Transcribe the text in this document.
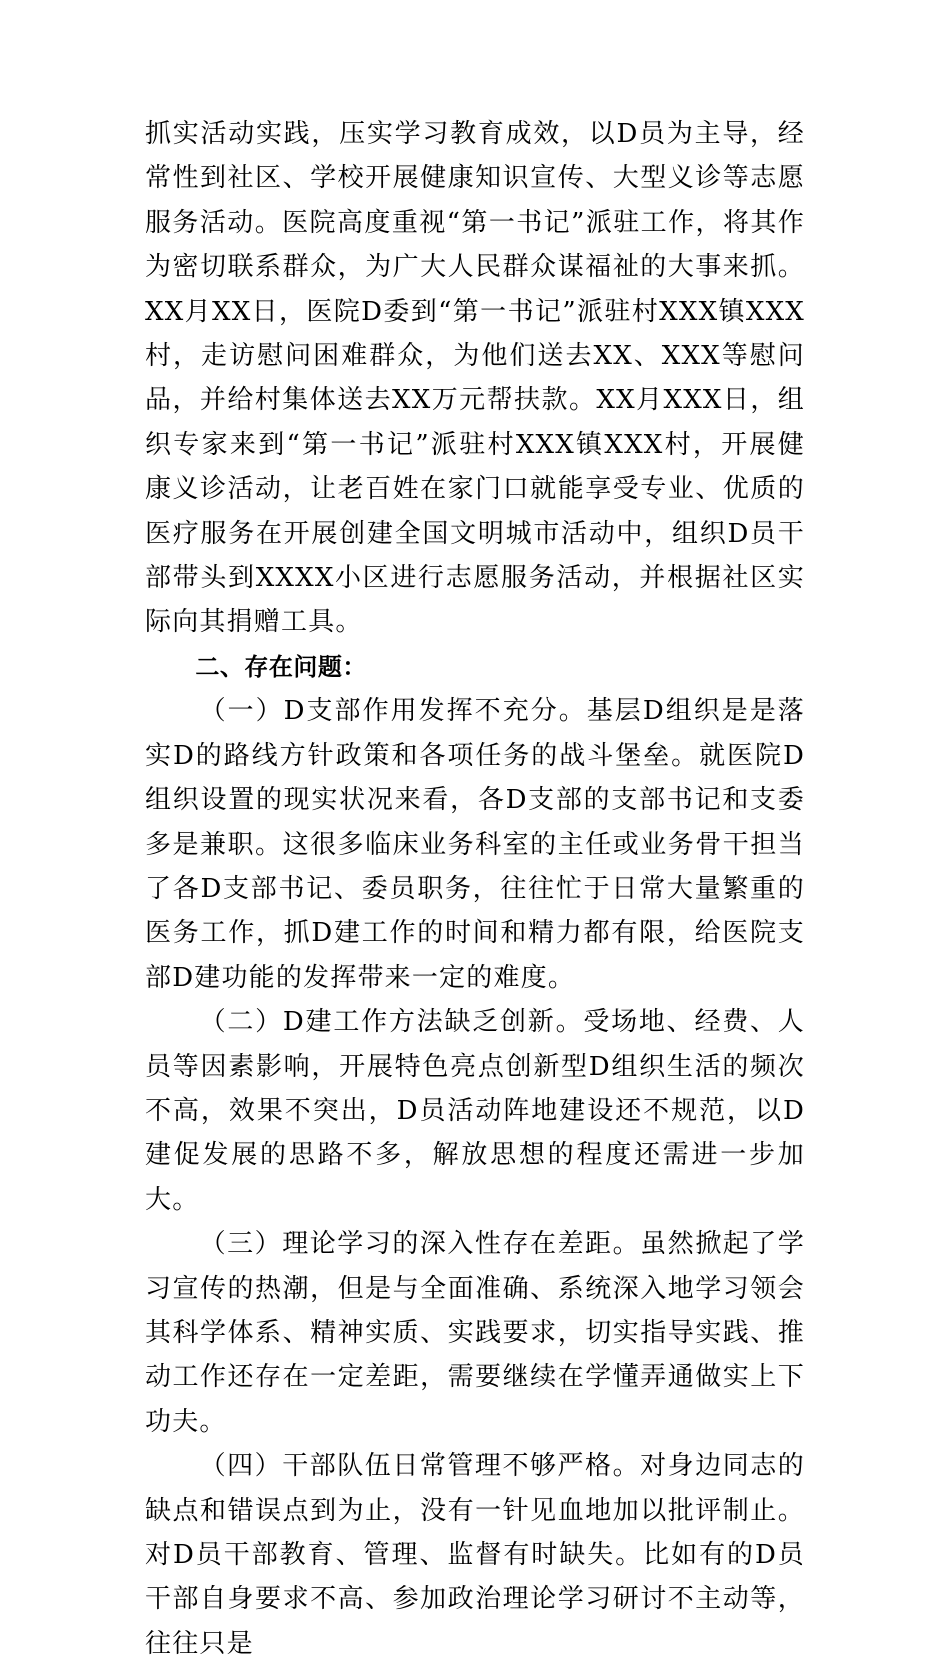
抓实活动实践，压实学习教育成效，以D员为主导，经常性到社区、学校开展健康知识宣传、大型义诊等志愿服务活动。医院高度重视“第一书记”派驻工作，将其作为密切联系群众，为广大人民群众谋福祉的大事来抓。XX月XX日，医院D委到“第一书记”派驻村XXX镇XXX村，走访慰问困难群众，为他们送去XX、XXX等慰问品，并给村集体送去XX万元帮扶款。XX月XXX日，组织专家来到“第一书记”派驻村XXX镇XXX村，开展健康义诊活动，让老百姓在家门口就能享受专业、优质的医疗服务在开展创建全国文明城市活动中，组织D员干部带头到XXXX小区进行志愿服务活动，并根据社区实际向其捐赠工具。

二、存在问题：

（一）D支部作用发挥不充分。基层D组织是是落实D的路线方针政策和各项任务的战斗堡垒。就医院D组织设置的现实状况来看，各D支部的支部书记和支委多是兼职。这很多临床业务科室的主任或业务骨干担当了各D支部书记、委员职务，往往忙于日常大量繁重的医务工作，抓D建工作的时间和精力都有限，给医院支部D建功能的发挥带来一定的难度。

（二）D建工作方法缺乏创新。受场地、经费、人员等因素影响，开展特色亮点创新型D组织生活的频次不高，效果不突出，D员活动阵地建设还不规范，以D建促发展的思路不多，解放思想的程度还需进一步加大。

（三）理论学习的深入性存在差距。虽然掀起了学习宣传的热潮，但是与全面准确、系统深入地学习领会其科学体系、精神实质、实践要求，切实指导实践、推动工作还存在一定差距，需要继续在学懂弄通做实上下功夫。

（四）干部队伍日常管理不够严格。对身边同志的缺点和错误点到为止，没有一针见血地加以批评制止。对D员干部教育、管理、监督有时缺失。比如有的D员干部自身要求不高、参加政治理论学习研讨不主动等，往往只是
